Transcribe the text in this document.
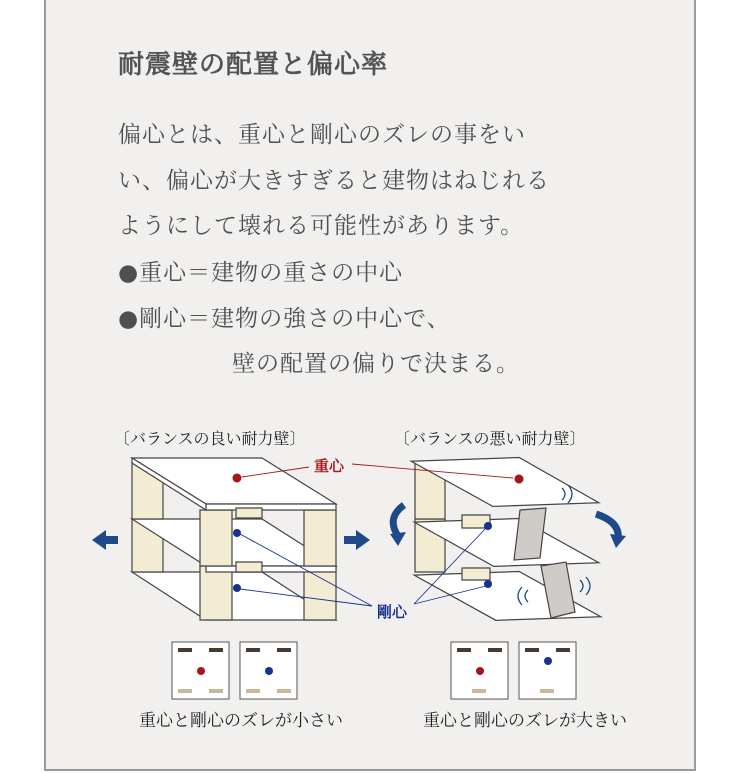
耐震壁の配置と偏心率
偏心とは、重心と剛心のズレの事をい
い、偏心が大きすぎると建物はねじれる
ようにして壊れる可能性があります。
●重心＝建物の重さの中心
●剛心＝建物の強さの中心で、
壁の配置の偏りで決まる。
〔バランスの良い耐力壁〕	〔バランスの悪い耐力壁〕
重心
剛心
重心と剛心のズレが小さい	重心と剛心のズレが大きい
